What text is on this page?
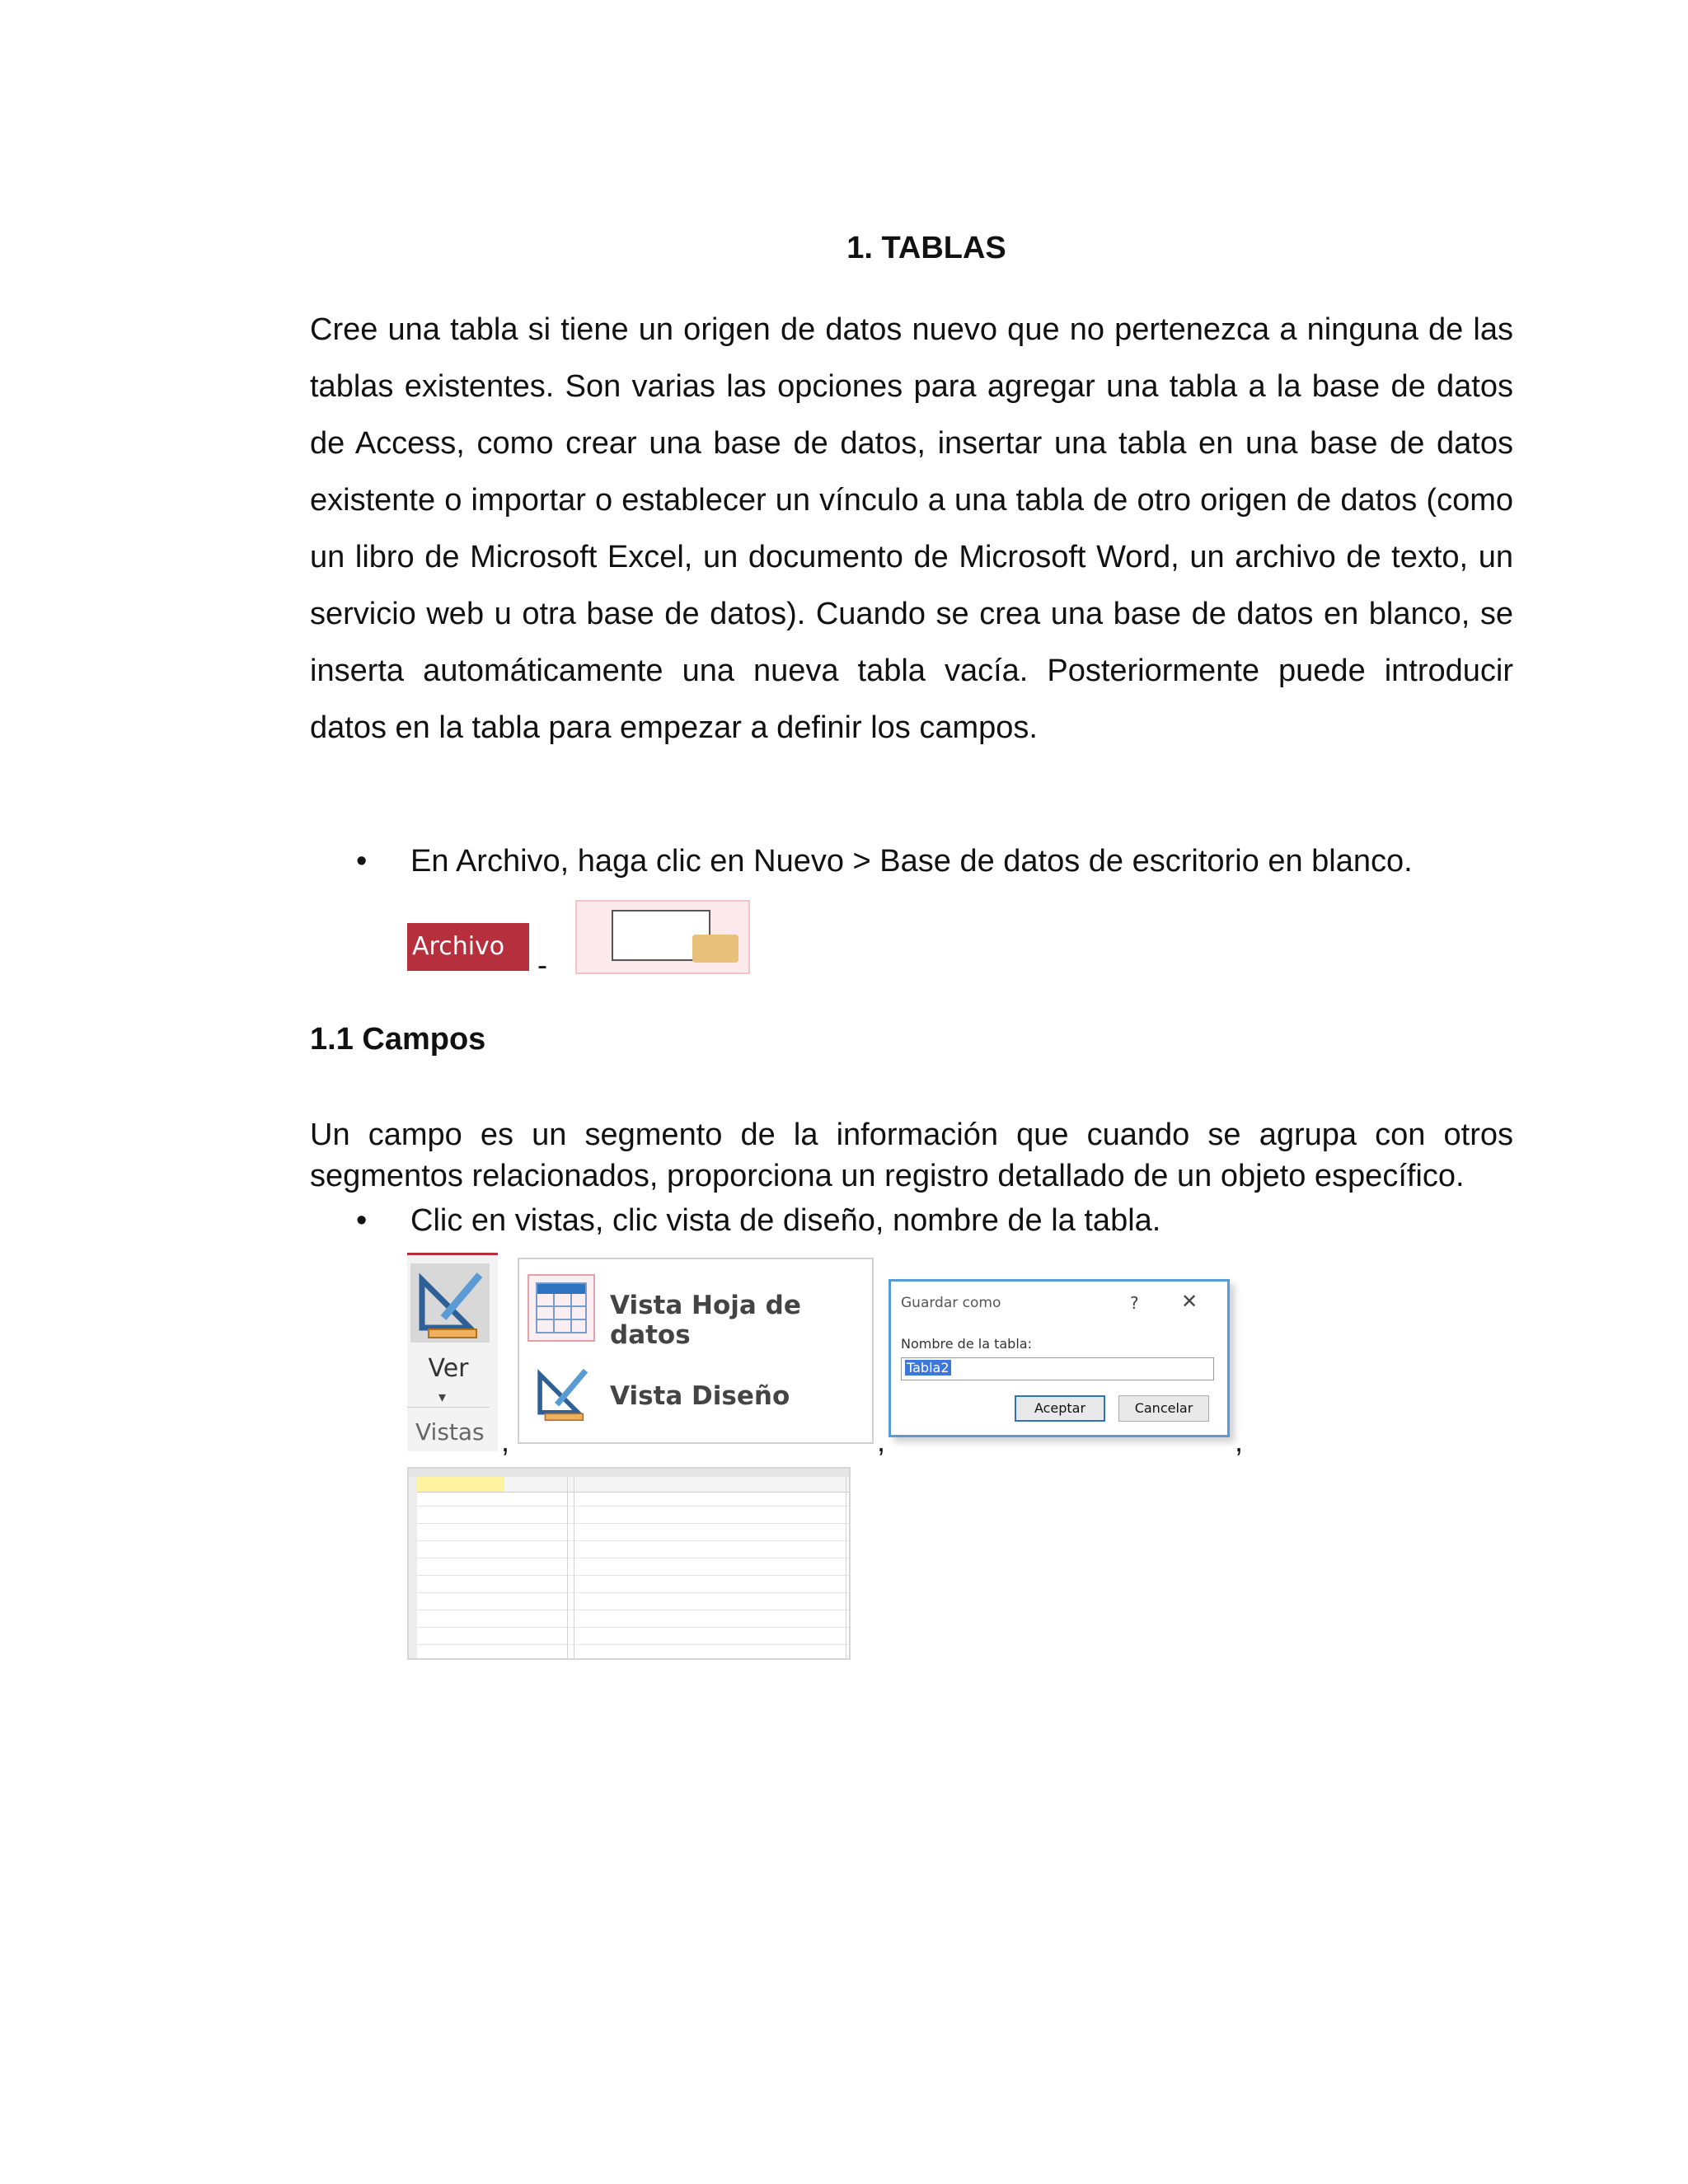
1. TABLAS
Cree una tabla si tiene un origen de datos nuevo que no pertenezca a ninguna de las tablas existentes. Son varias las opciones para agregar una tabla a la base de datos de Access, como crear una base de datos, insertar una tabla en una base de datos existente o importar o establecer un vínculo a una tabla de otro origen de datos (como un libro de Microsoft Excel, un documento de Microsoft Word, un archivo de texto, un servicio web u otra base de datos). Cuando se crea una base de datos en blanco, se inserta automáticamente una nueva tabla vacía. Posteriormente puede introducir datos en la tabla para empezar a definir los campos.
• En Archivo, haga clic en Nuevo > Base de datos de escritorio en blanco.
Archivo
-
1.1 Campos
Un campo es un segmento de la información que cuando se agrupa con otros segmentos relacionados, proporciona un registro detallado de un objeto específico.
• Clic en vistas, clic vista de diseño, nombre de la tabla.
Ver
▾
Vistas ,
Vista Hoja de datos
Vista Diseño
,
Guardar como	? ✕
Nombre de la tabla:
Tabla2
Aceptar	Cancelar
,
